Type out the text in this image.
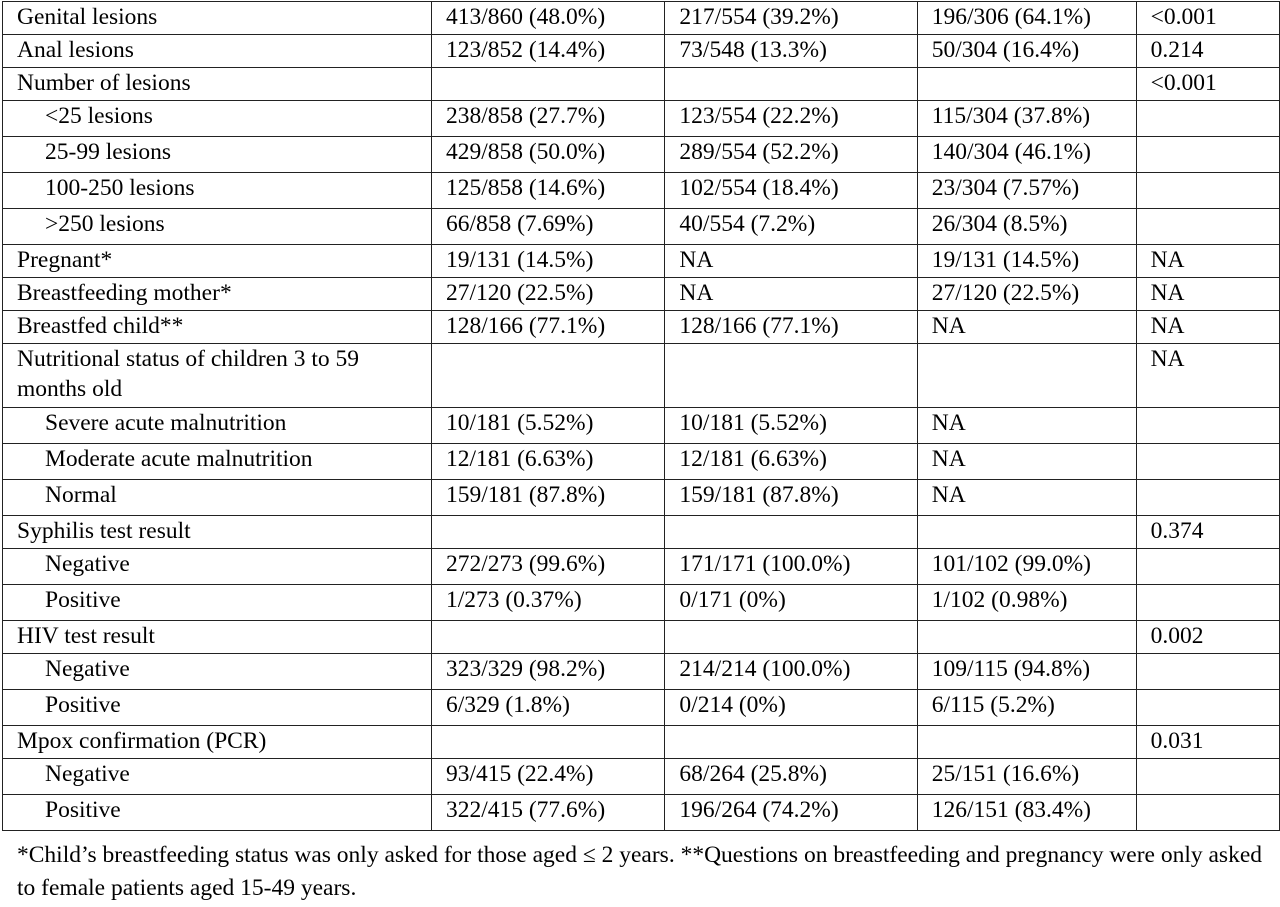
Genital lesions	413/860 (48.0%)	217/554 (39.2%)	196/306 (64.1%)	<0.001
Anal lesions	123/852 (14.4%)	73/548 (13.3%)	50/304 (16.4%)	0.214
Number of lesions				<0.001
<25 lesions	238/858 (27.7%)	123/554 (22.2%)	115/304 (37.8%)	
25-99 lesions	429/858 (50.0%)	289/554 (52.2%)	140/304 (46.1%)	
100-250 lesions	125/858 (14.6%)	102/554 (18.4%)	23/304 (7.57%)	
>250 lesions	66/858 (7.69%)	40/554 (7.2%)	26/304 (8.5%)	
Pregnant*	19/131 (14.5%)	NA	19/131 (14.5%)	NA
Breastfeeding mother*	27/120 (22.5%)	NA	27/120 (22.5%)	NA
Breastfed child**	128/166 (77.1%)	128/166 (77.1%)	NA	NA
Nutritional status of children 3 to 59 months old				NA
Severe acute malnutrition	10/181 (5.52%)	10/181 (5.52%)	NA	
Moderate acute malnutrition	12/181 (6.63%)	12/181 (6.63%)	NA	
Normal	159/181 (87.8%)	159/181 (87.8%)	NA	
Syphilis test result				0.374
Negative	272/273 (99.6%)	171/171 (100.0%)	101/102 (99.0%)	
Positive	1/273 (0.37%)	0/171 (0%)	1/102 (0.98%)	
HIV test result				0.002
Negative	323/329 (98.2%)	214/214 (100.0%)	109/115 (94.8%)	
Positive	6/329 (1.8%)	0/214 (0%)	6/115 (5.2%)	
Mpox confirmation (PCR)				0.031
Negative	93/415 (22.4%)	68/264 (25.8%)	25/151 (16.6%)	
Positive	322/415 (77.6%)	196/264 (74.2%)	126/151 (83.4%)	
*Child’s breastfeeding status was only asked for those aged ≤ 2 years. **Questions on breastfeeding and pregnancy were only asked to female patients aged 15-49 years.
